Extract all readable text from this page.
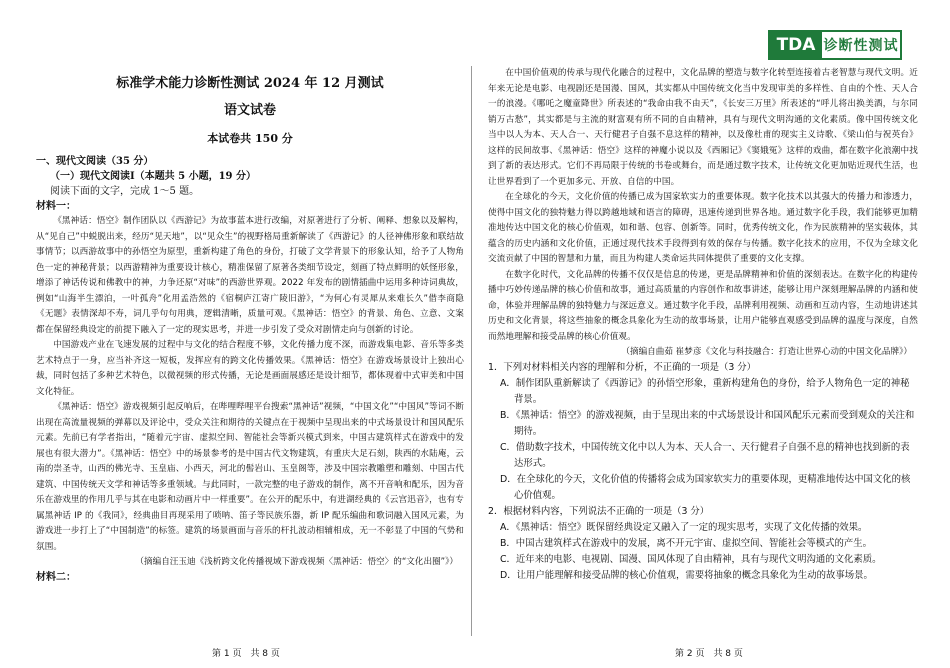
TDA 诊断性测试
标准学术能力诊断性测试 2024 年 12 月测试
语文试卷
本试卷共 150 分
一、现代文阅读（35 分）
（一）现代文阅读Ⅰ（本题共 5 小题，19 分）
阅读下面的文字，完成 1～5 题。
材料一：

《黑神话：悟空》制作团队以《西游记》为故事蓝本进行改编，对原著进行了分析、阐释、想象以及解构，从“见自己”中蜕脱出来，经历“见天地”，以“见众生”的视野格局重新解读了《西游记》的人径神佛形象和联结故事情节；以西游故事中的孙悟空为原型，重新构建了角色的身份，打破了文学背景下的形象认知，给予了人物角色一定的神秘背景；以西游精神为重要设计核心，精准保留了原著各类细节设定，刻画了特点鲜明的妖怪形象，增添了神话传说和佛教中的神，力争还原“对味”的西游世界观。2022 年发布的剧情插曲中运用多种诗词典故，例如“山海半生漂泊，一叶孤舟”化用孟浩然的《宿桐庐江寄广陵旧游》，“为何心有灵犀从来难长久”借李商隐《无题》表情深却不寿，词几乎句句用典，逻辑清晰，质量可观。《黑神话：悟空》的背景、角色、立意、文案都在保留经典设定的前提下融入了一定的现实思考，并进一步引发了受众对剧情走向与创新的讨论。

中国游戏产业在飞速发展的过程中与文化的结合程度不够，文化传播力度不深，而游戏集电影、音乐等多类艺术特点于一身，应当补齐这一短板，发挥应有的跨文化传播效果。《黑神话：悟空》在游戏场景设计上独出心裁，同时包括了多种艺术特色，以微视频的形式传播，无论是画面展感还是设计细节，都体现着中式审美和中国文化特征。

《黑神话：悟空》游戏视频引起反响后，在哔哩哔哩平台搜索“黑神话”视频，“中国文化”“中国风”等词不断出现在高流量视频的弹幕以及评论中，受众关注和期待的关键点在于视频中呈现出来的中式场景设计和国风配乐元素。先前已有学者指出，“随着元宇宙、虚拟空间、智能社会等新兴模式到来，中国古建筑样式在游戏中的发展也有很大潜力”。《黑神话：悟空》中的场景参考的是中国古代文物建筑，有重庆大足石刻，陕西的水陆庵，云南的崇圣寺，山西的佛光寺、玉皇庙、小西天，河北的髻岩山、玉皇阁等，涉及中国宗教雕塑和雕刻、中国古代建筑、中国传统天文学和神话等多重领域。与此同时，一款完整的电子游戏的制作，离不开音响和配乐，因为音乐在游戏里的作用几乎与其在电影和动画片中一样重要”。在公开的配乐中，有进湖经典的《云宫迅音》，也有专属黑神话 IP 的《我同》，经典曲目再现采用了唢呐、笛子等民族乐器，新 IP 配乐编曲和歌词融入国风元素，为游戏进一步打上了“中国制造”的标签。建筑的场景画面与音乐的杆扎波动相辅相成，无一不彰显了中国的气势和氛围。

（摘编自汪玉迪《浅析跨文化传播视域下游戏视频〈黑神话：悟空〉的“文化出圈”》）
材料二：

在中国价值观的传承与现代化融合的过程中，文化品牌的塑造与数字化转型连接着古老智慧与现代文明。近年来无论是电影、电视剧还是国漫、国风，其实都从中国传统文化当中发现审美的多样性、自由的个性、天人合一的浪漫。《哪吒之魔童降世》所表述的“我命由我不由天”，《长安三万里》所表述的“呼儿将出换美酒，与尔同销万古愁”，其实都是与主流的财富观有所不同的自由精神，具有与现代文明沟通的文化素质。像中国传统文化当中以人为本、天人合一、天行健君子自强不息这样的精神，以及像杜甫的现实主义诗歌、《梁山伯与祝英台》这样的民间故事、《黑神话：悟空》这样的神魔小说以及《西厢记》《窦娥冤》这样的戏曲，都在数字化浪潮中找到了新的表达形式。它们不再局限于传统的书卷或舞台，而是通过数字技术，让传统文化更加贴近现代生活，也让世界看到了一个更加多元、开放、自信的中国。

在全球化的今天，文化价值的传播已成为国家软实力的重要体现。数字化技术以其强大的传播力和渗透力，使得中国文化的独特魅力得以跨越地域和语言的障碍，迅速传递到世界各地。通过数字化手段，我们能够更加精准地传达中国文化的核心价值观，如和谐、包容、创新等。同时，优秀传统文化，作为民族精神的坚实载体，其蕴含的历史内涵和文化价值，正通过现代技术手段得到有效的保存与传播。数字化技术的应用，不仅为全球文化交流贡献了中国的智慧和力量，而且为构建人类命运共同体提供了重要的文化支撑。

在数字化时代，文化品牌的传播不仅仅是信息的传递，更是品牌精神和价值的深刻表达。在数字化的构建传播中巧妙传递品牌的核心价值和故事，通过高质量的内容创作和故事讲述，能够让用户深刻理解品牌的内涵和使命，体验并理解品牌的独特魅力与深远意义。通过数字化手段，品牌利用视频、动画和互动内容，生动地讲述其历史和文化背景，将这些抽象的概念具象化为生动的故事场景，让用户能够直观感受到品牌的温度与深度，自然而然地理解和接受品牌的核心价值观。

（摘编自曲茹 崔梦彦《文化与科技融合：打造让世界心动的中国文化品牌》）
1．下列对材料相关内容的理解和分析，不正确的一项是（3 分）
A．制作团队重新解读了《西游记》的孙悟空形象，重新构建角色的身份，给予人物角色一定的神秘背景。
B．《黑神话：悟空》的游戏视频，由于呈现出来的中式场景设计和国风配乐元素而受到观众的关注和期待。
C．借助数字技术，中国传统文化中以人为本、天人合一、天行健君子自强不息的精神也找到新的表达形式。
D．在全球化的今天，文化价值的传播将会成为国家软实力的重要体现，更精准地传达中国文化的核心价值观。
2．根据材料内容，下列说法不正确的一项是（3 分）
A．《黑神话：悟空》既保留经典设定又融入了一定的现实思考，实现了文化传播的效果。
B．中国古建筑样式在游戏中的发展，离不开元宇宙、虚拟空间、智能社会等模式的产生。
C．近年来的电影、电视剧、国漫、国风体现了自由精神，具有与现代文明沟通的文化素质。
D．让用户能理解和接受品牌的核心价值观，需要将抽象的概念具象化为生动的故事场景。
第 1 页　共 8 页	第 2 页　共 8 页
